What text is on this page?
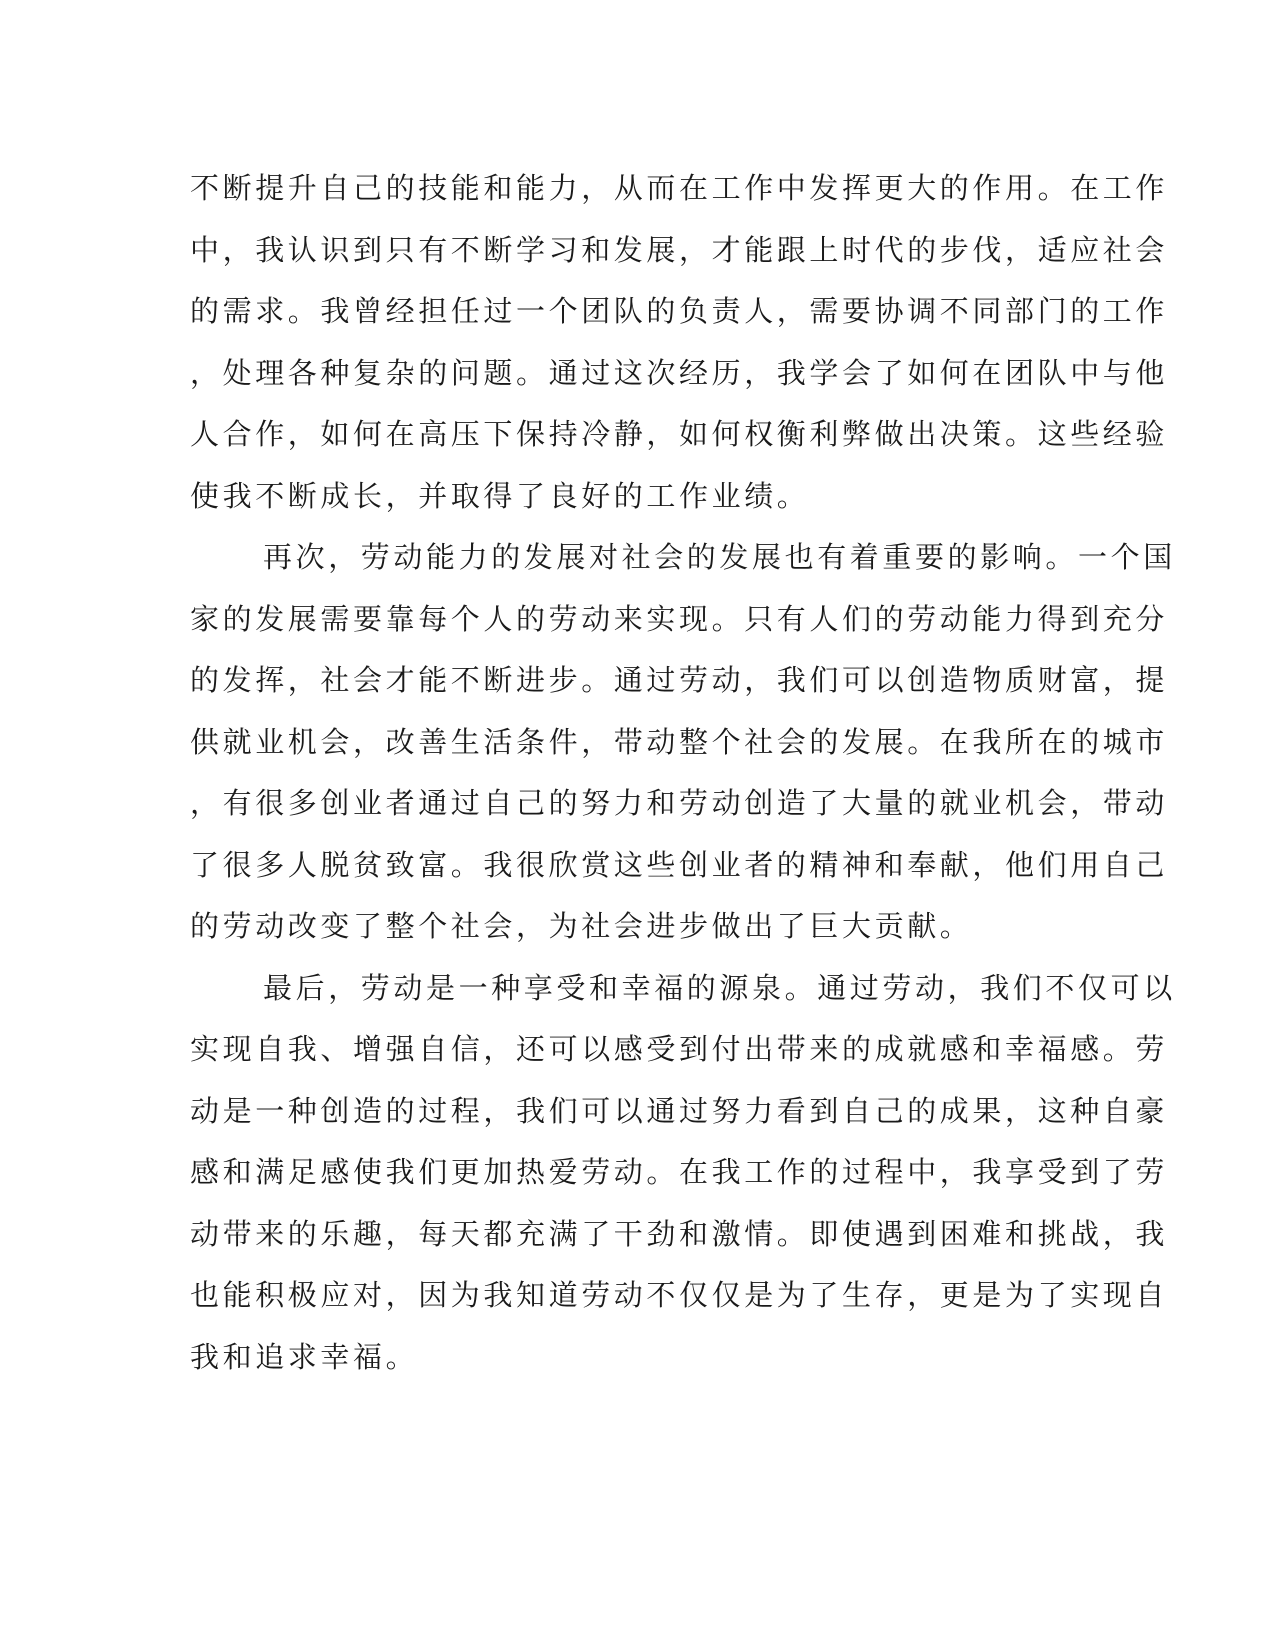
不断提升自己的技能和能力，从而在工作中发挥更大的作用。在工作
中，我认识到只有不断学习和发展，才能跟上时代的步伐，适应社会
的需求。我曾经担任过一个团队的负责人，需要协调不同部门的工作
，处理各种复杂的问题。通过这次经历，我学会了如何在团队中与他
人合作，如何在高压下保持冷静，如何权衡利弊做出决策。这些经验
使我不断成长，并取得了良好的工作业绩。
再次，劳动能力的发展对社会的发展也有着重要的影响。一个国
家的发展需要靠每个人的劳动来实现。只有人们的劳动能力得到充分
的发挥，社会才能不断进步。通过劳动，我们可以创造物质财富，提
供就业机会，改善生活条件，带动整个社会的发展。在我所在的城市
，有很多创业者通过自己的努力和劳动创造了大量的就业机会，带动
了很多人脱贫致富。我很欣赏这些创业者的精神和奉献，他们用自己
的劳动改变了整个社会，为社会进步做出了巨大贡献。
最后，劳动是一种享受和幸福的源泉。通过劳动，我们不仅可以
实现自我、增强自信，还可以感受到付出带来的成就感和幸福感。劳
动是一种创造的过程，我们可以通过努力看到自己的成果，这种自豪
感和满足感使我们更加热爱劳动。在我工作的过程中，我享受到了劳
动带来的乐趣，每天都充满了干劲和激情。即使遇到困难和挑战，我
也能积极应对，因为我知道劳动不仅仅是为了生存，更是为了实现自
我和追求幸福。
